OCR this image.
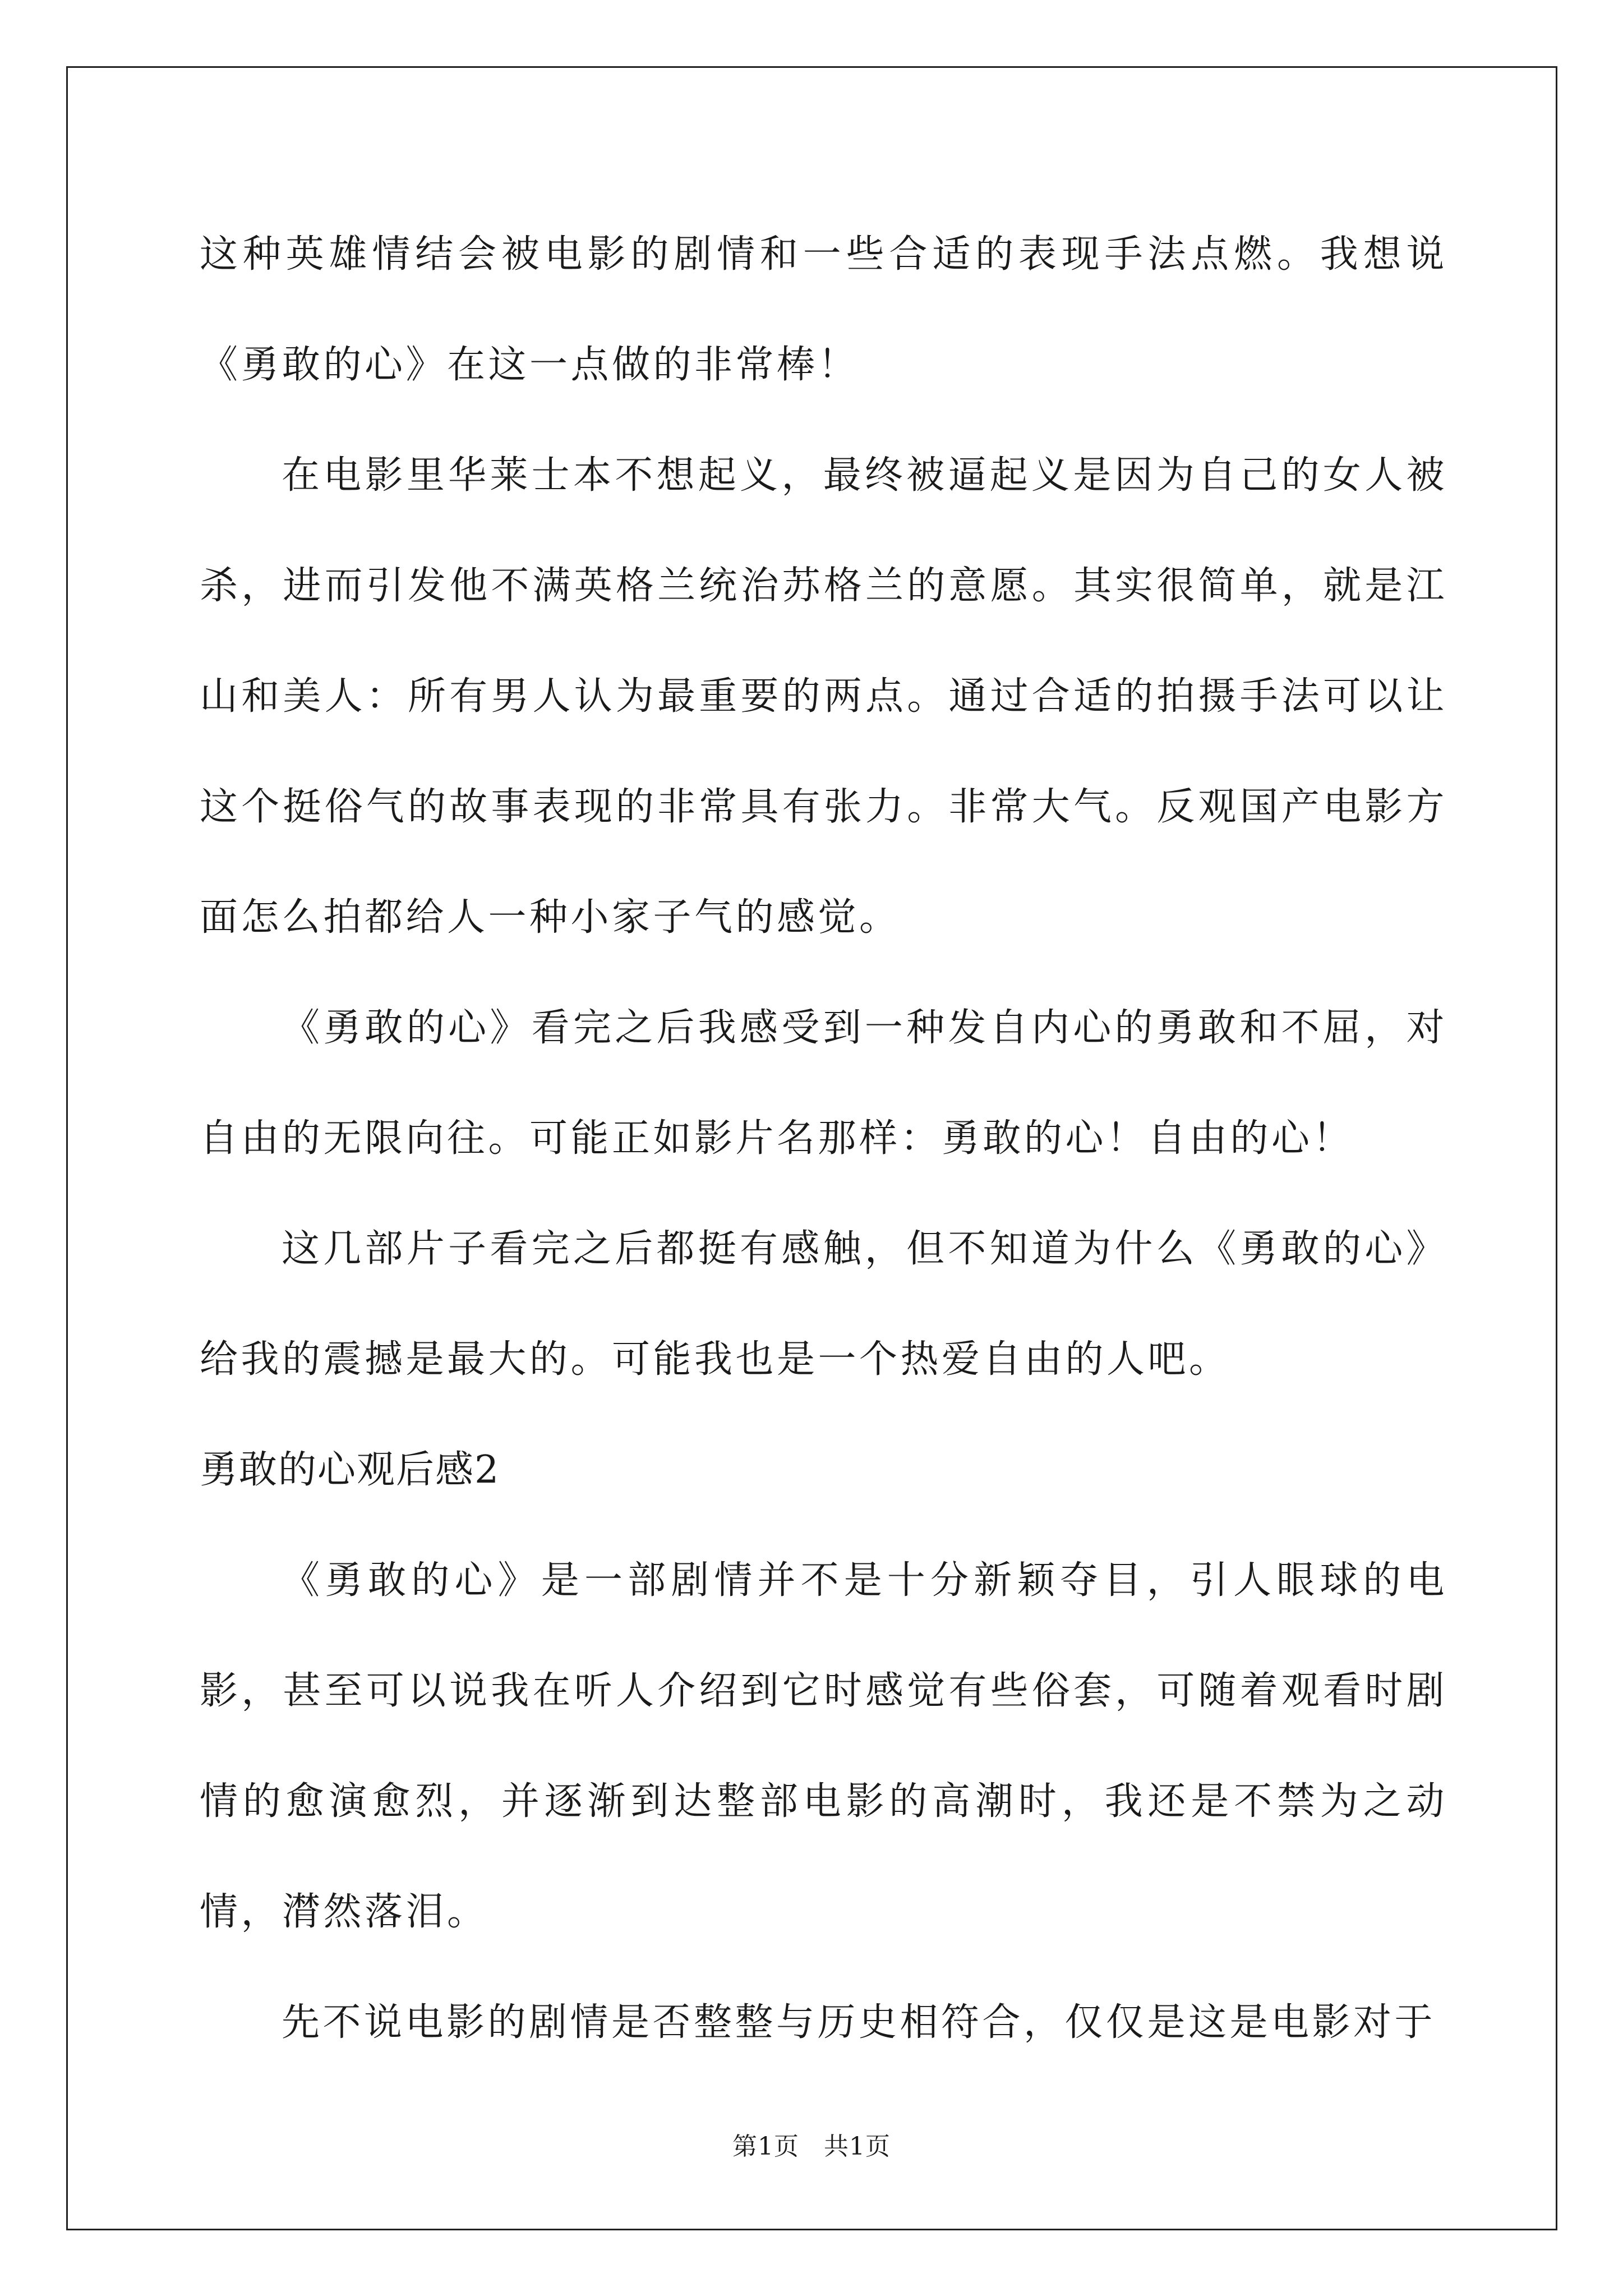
这种英雄情结会被电影的剧情和一些合适的表现手法点燃。我想说《勇敢的心》在这一点做的非常棒！

在电影里华莱士本不想起义，最终被逼起义是因为自己的女人被杀，进而引发他不满英格兰统治苏格兰的意愿。其实很简单，就是江山和美人：所有男人认为最重要的两点。通过合适的拍摄手法可以让这个挺俗气的故事表现的非常具有张力。非常大气。反观国产电影方面怎么拍都给人一种小家子气的感觉。

《勇敢的心》看完之后我感受到一种发自内心的勇敢和不屈，对自由的无限向往。可能正如影片名那样：勇敢的心！自由的心！

这几部片子看完之后都挺有感触，但不知道为什么《勇敢的心》给我的震撼是最大的。可能我也是一个热爱自由的人吧。

勇敢的心观后感2

《勇敢的心》是一部剧情并不是十分新颖夺目，引人眼球的电影，甚至可以说我在听人介绍到它时感觉有些俗套，可随着观看时剧情的愈演愈烈，并逐渐到达整部电影的高潮时，我还是不禁为之动情，潸然落泪。

先不说电影的剧情是否整整与历史相符合，仅仅是这是电影对于

第1页 共1页
